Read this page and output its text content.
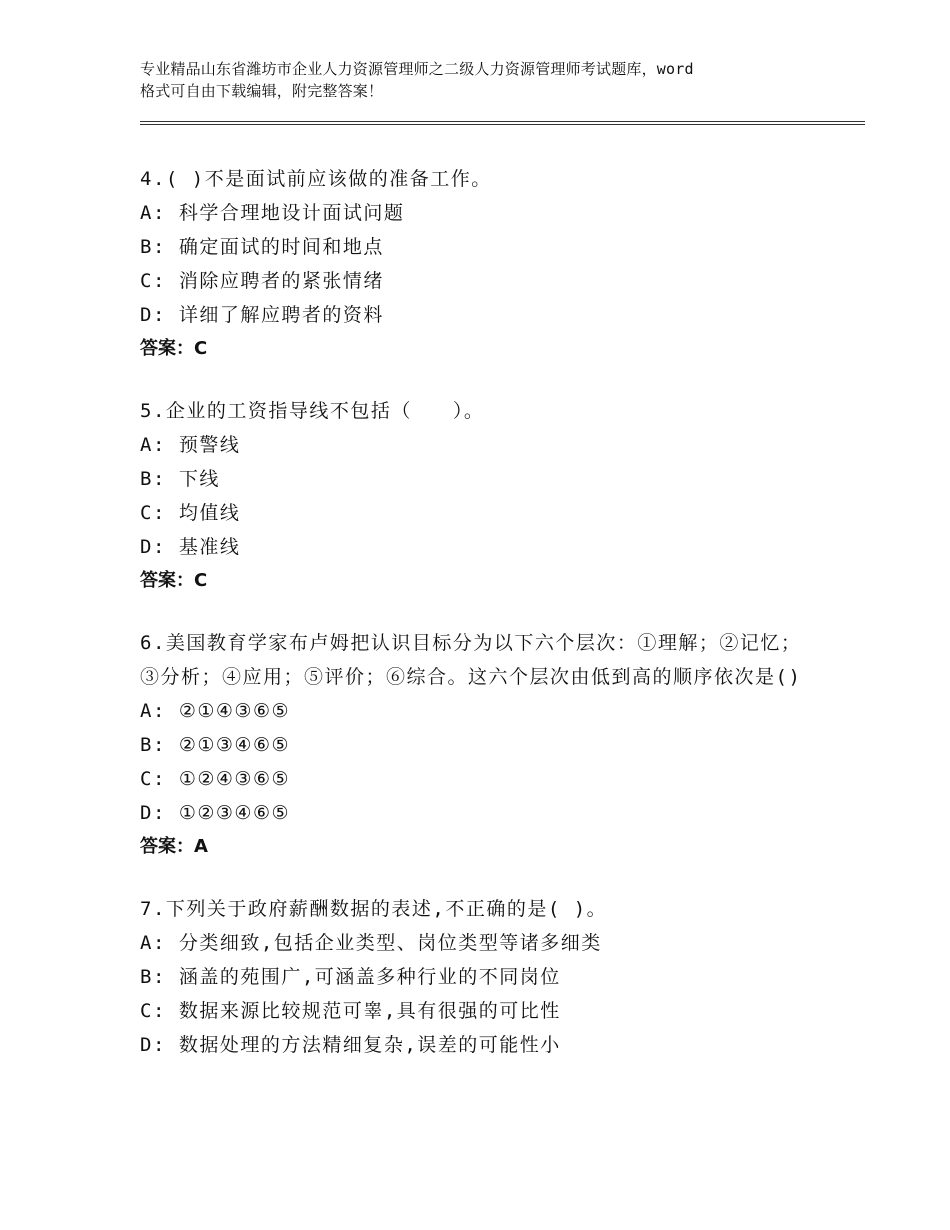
专业精品山东省潍坊市企业人力资源管理师之二级人力资源管理师考试题库，word
格式可自由下载编辑，附完整答案！
4.( )不是面试前应该做的准备工作。
A: 科学合理地设计面试问题
B: 确定面试的时间和地点
C: 消除应聘者的紧张情绪
D: 详细了解应聘者的资料
答案：C
5.企业的工资指导线不包括（　　）。
A: 预警线
B: 下线
C: 均值线
D: 基准线
答案：C
6.美国教育学家布卢姆把认识目标分为以下六个层次：①理解；②记忆；③分析；④应用；⑤评价；⑥综合。这六个层次由低到高的顺序依次是()
A: ②①④③⑥⑤
B: ②①③④⑥⑤
C: ①②④③⑥⑤
D: ①②③④⑥⑤
答案：A
7.下列关于政府薪酬数据的表述,不正确的是( )。
A: 分类细致,包括企业类型、岗位类型等诸多细类
B: 涵盖的苑围广,可涵盖多种行业的不同岗位
C: 数据来源比较规范可睾,具有很强的可比性
D: 数据处理的方法精细复杂,误差的可能性小
